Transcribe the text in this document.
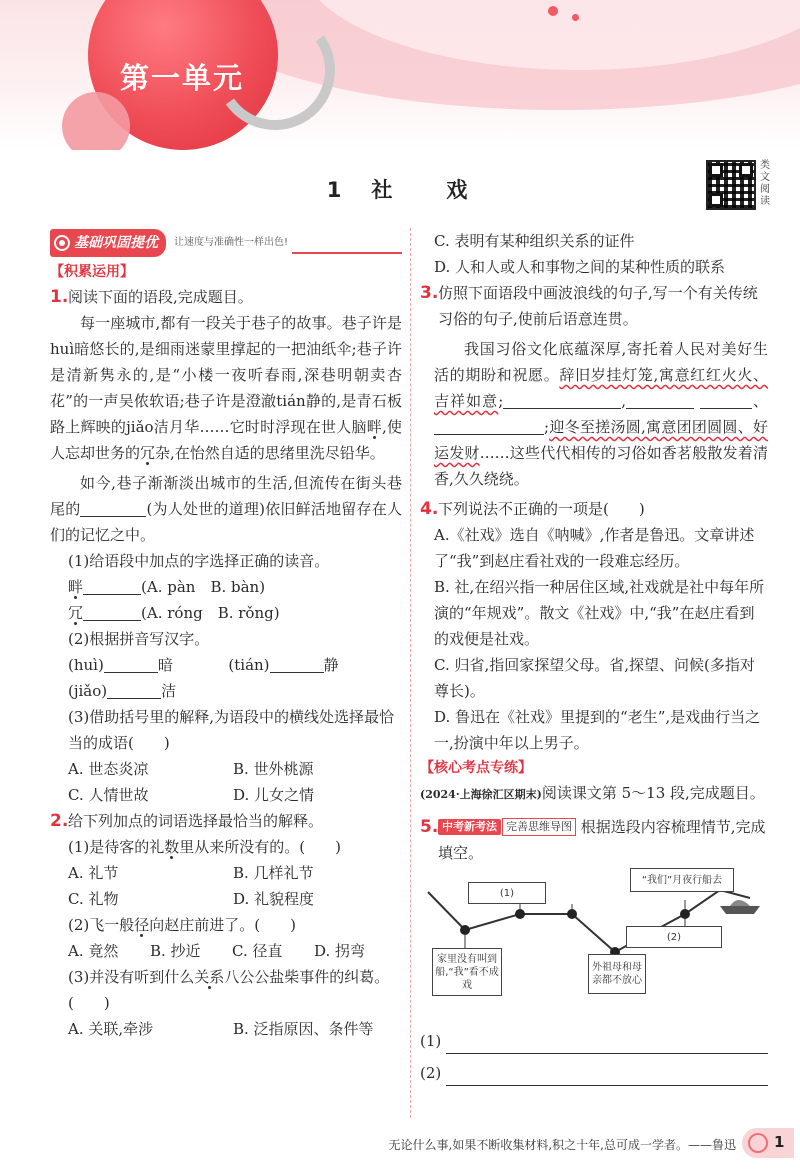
第一单元
1 社 戏
类文阅读
基础巩固提优 让速度与准确性一样出色!
【积累运用】
1. 阅读下面的语段,完成题目。
每一座城市,都有一段关于巷子的故事。巷子许是huì暗悠长的,是细雨迷蒙里撑起的一把油纸伞;巷子许是清新隽永的,是“小楼一夜听春雨,深巷明朝卖杏花”的一声吴侬软语;巷子许是澄澈tián静的,是青石板路上辉映的jiǎo洁月华……它时时浮现在世人脑畔,使人忘却世务的冗杂,在怡然自适的思绪里洗尽铅华。
如今,巷子渐渐淡出城市的生活,但流传在街头巷尾的	(为人处世的道理)依旧鲜活地留存在人们的记忆之中。
(1)给语段中加点的字选择正确的读音。
畔	(A. pàn　B. bàn)
冗	(A. róng　B. rǒng)
(2)根据拼音写汉字。
(huì)	暗	(tián)	静
(jiǎo)	洁
(3)借助括号里的解释,为语段中的横线处选择最恰当的成语(　　)
A. 世态炎凉	B. 世外桃源
C. 人情世故	D. 儿女之情
2. 给下列加点的词语选择最恰当的解释。
(1)是待客的礼数里从来所没有的。(　　)
A. 礼节	B. 几样礼节
C. 礼物	D. 礼貌程度
(2)飞一般径向赵庄前进了。(　　)
A. 竟然	B. 抄近	C. 径直	D. 拐弯
(3)并没有听到什么关系八公公盐柴事件的纠葛。(　　)
A. 关联,牵涉	B. 泛指原因、条件等
C. 表明有某种组织关系的证件
D. 人和人或人和事物之间的某种性质的联系
3. 仿照下面语段中画波浪线的句子,写一个有关传统习俗的句子,使前后语意连贯。
我国习俗文化底蕴深厚,寄托着人民对美好生活的期盼和祝愿。辞旧岁挂灯笼,寓意红红火火、吉祥如意;	,	、;迎冬至搓汤圆,寓意团团圆圆、好运发财……这些代代相传的习俗如香茗般散发着清香,久久绕绕。
4. 下列说法不正确的一项是(　　)
A.《社戏》选自《呐喊》,作者是鲁迅。文章讲述了“我”到赵庄看社戏的一段难忘经历。
B. 社,在绍兴指一种居住区域,社戏就是社中每年所演的“年规戏”。散文《社戏》中,“我”在赵庄看到的戏便是社戏。
C. 归省,指回家探望父母。省,探望、问候(多指对尊长)。
D. 鲁迅在《社戏》里提到的“老生”,是戏曲行当之一,扮演中年以上男子。
【核心考点专练】
(2024·上海徐汇区期末)阅读课文第 5～13 段,完成题目。
5. 中考新考法 完善思维导图 根据选段内容梳理情节,完成填空。
(1)
“我们”月夜行船去
(2)
家里没有叫到船,“我”看不成戏
外祖母和母亲都不放心
(1)
(2)
无论什么事,如果不断收集材料,积之十年,总可成一学者。——鲁迅	1
